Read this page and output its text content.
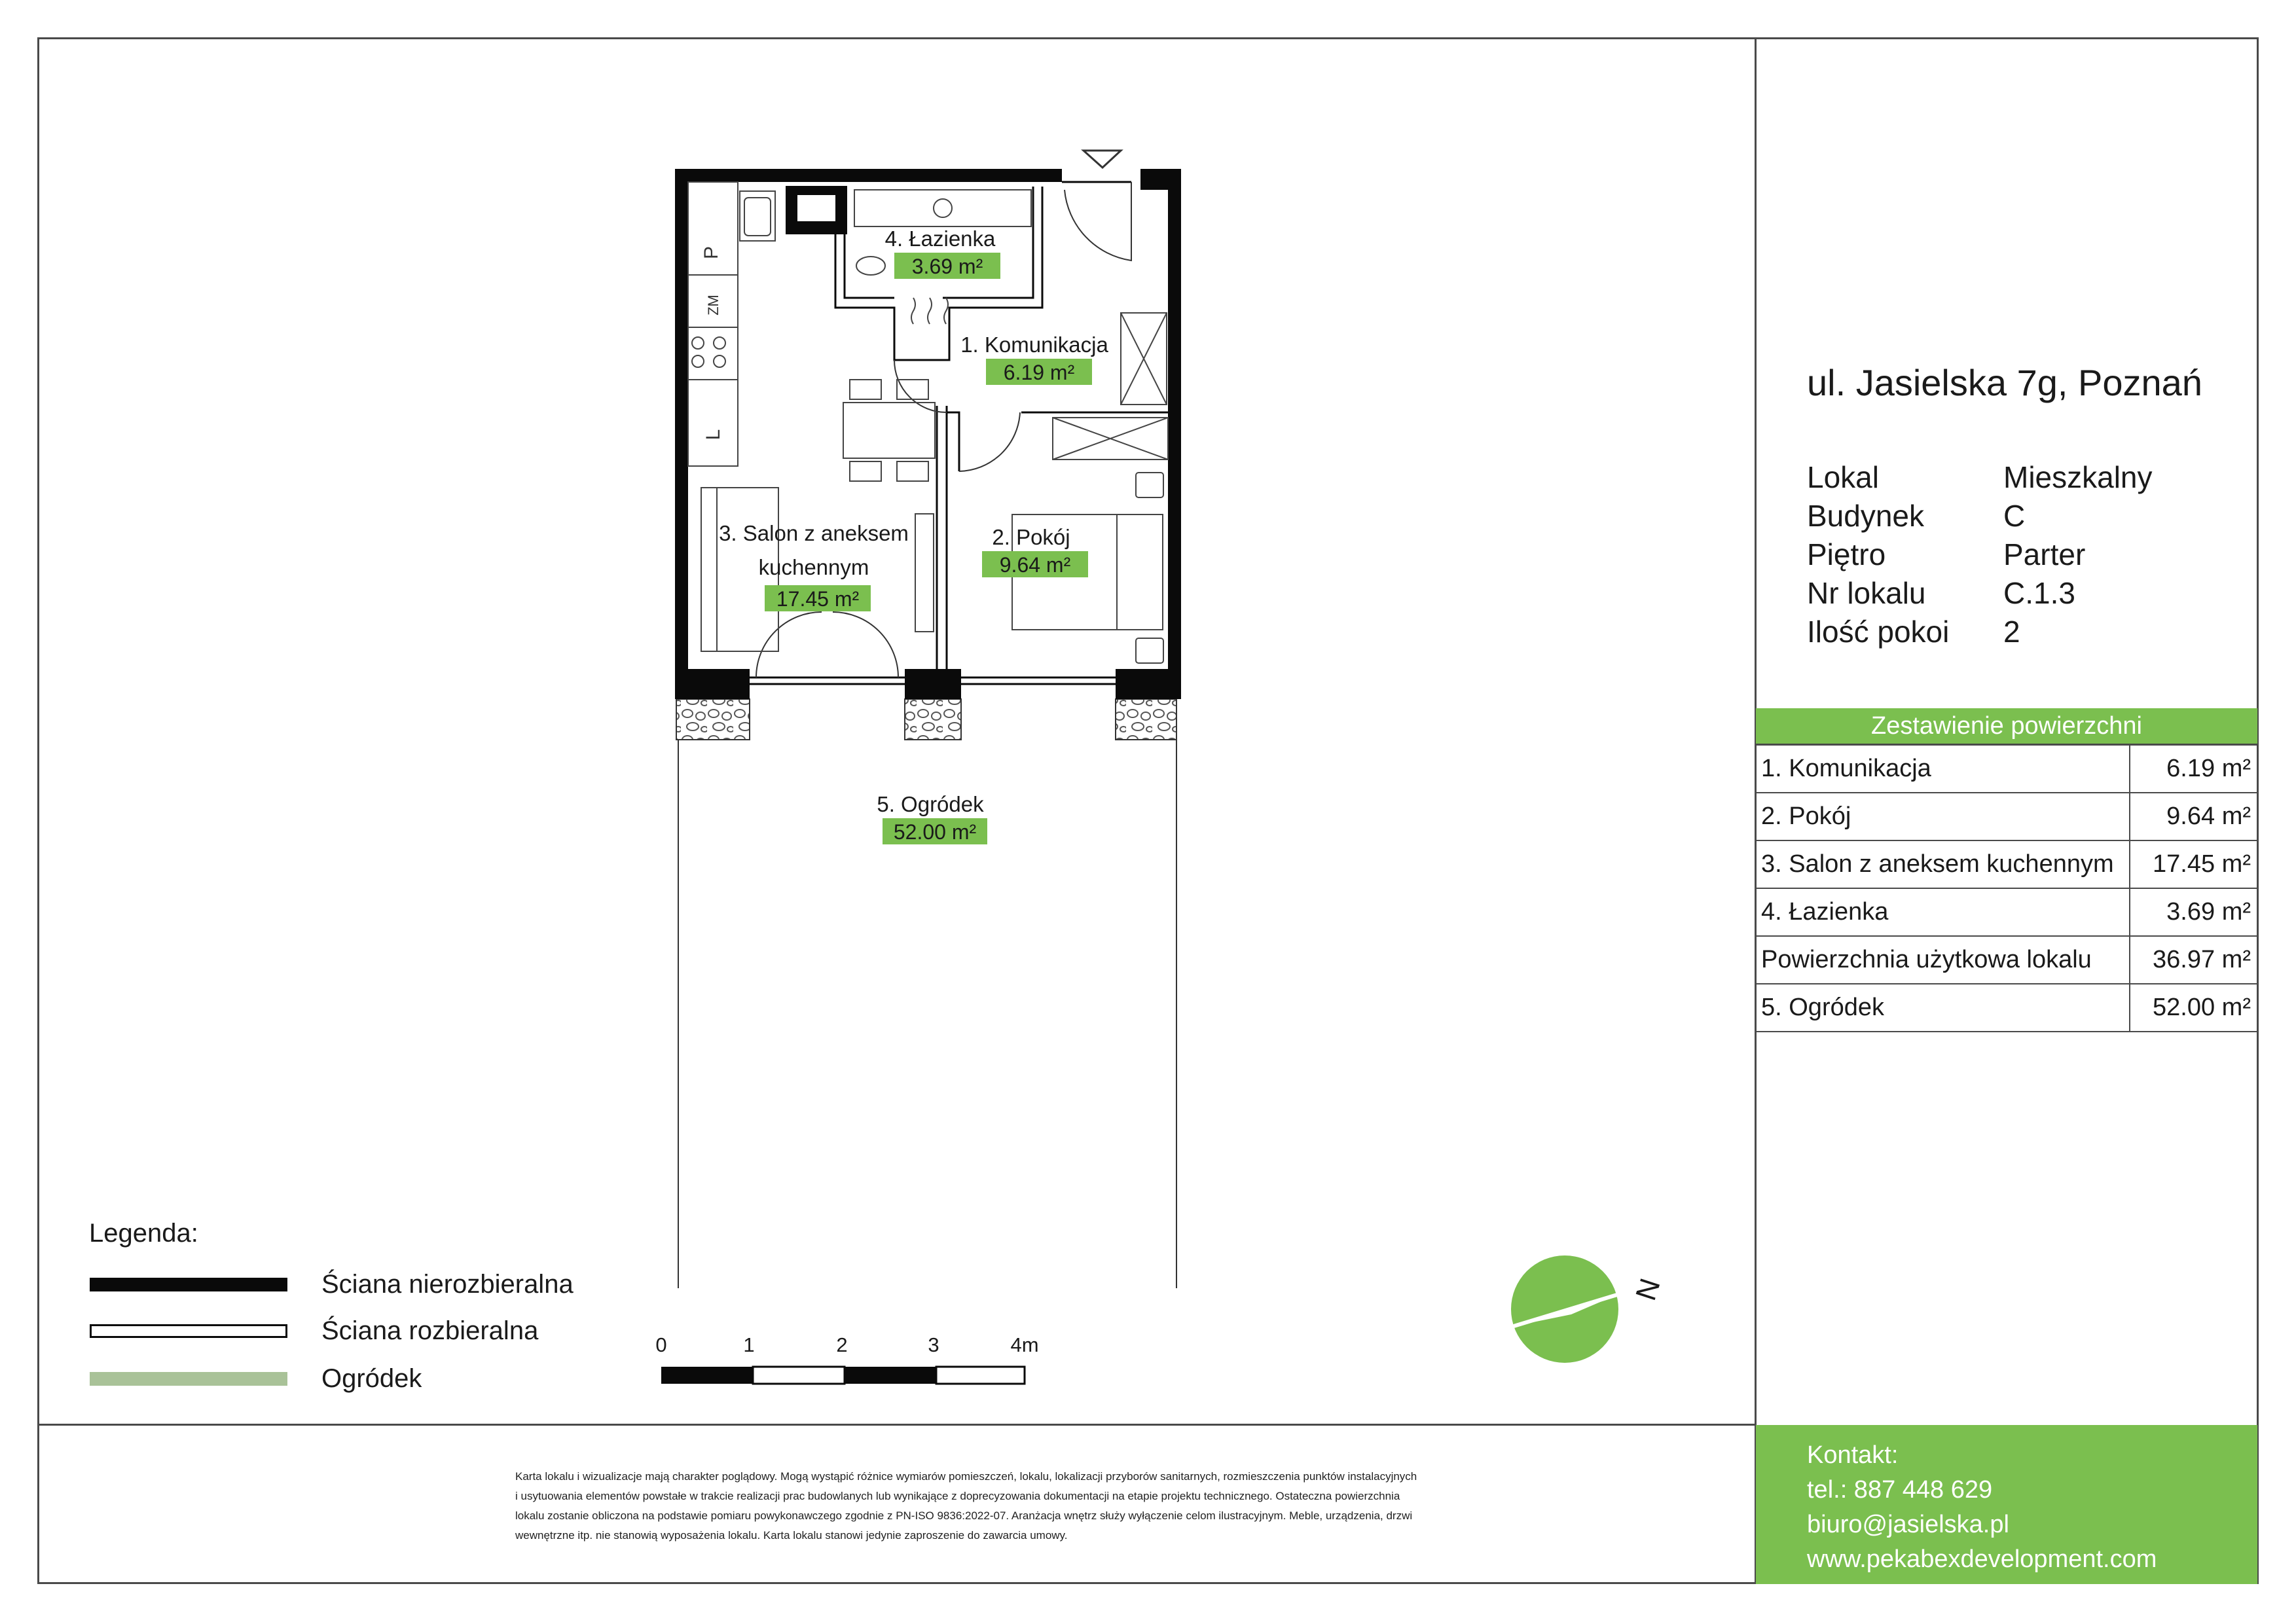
P
ZM
L
4. Łazienka
3.69 m²
1. Komunikacja
6.19 m²
3. Salon z aneksem
kuchennym
17.45 m²
2. Pokój
9.64 m²
5. Ogródek
52.00 m²
0	1	2	3	4m
N
ul. Jasielska 7g, Poznań
Lokal	Mieszkalny
Budynek	C
Piętro	Parter
Nr lokalu	C.1.3
Ilość pokoi	2
Zestawienie powierzchni	
1. Komunikacja	6.19 m²
2. Pokój	9.64 m²
3. Salon z aneksem kuchennym	17.45 m²
4. Łazienka	3.69 m²
Powierzchnia użytkowa lokalu	36.97 m²
5. Ogródek	52.00 m²
Legenda:
Ściana nierozbieralna
Ściana rozbieralna
Ogródek
Karta lokalu i wizualizacje mają charakter poglądowy. Mogą wystąpić różnice wymiarów pomieszczeń, lokalu, lokalizacji przyborów sanitarnych, rozmieszczenia punktów instalacyjnych
i usytuowania elementów powstałe w trakcie realizacji prac budowlanych lub wynikające z doprecyzowania dokumentacji na etapie projektu technicznego. Ostateczna powierzchnia
lokalu zostanie obliczona na podstawie pomiaru powykonawczego zgodnie z PN-ISO 9836:2022-07. Aranżacja wnętrz służy wyłączenie celom ilustracyjnym. Meble, urządzenia, drzwi
wewnętrzne itp. nie stanowią wyposażenia lokalu. Karta lokalu stanowi jedynie zaproszenie do zawarcia umowy.
Kontakt:
tel.: 887 448 629
biuro@jasielska.pl
www.pekabexdevelopment.com
